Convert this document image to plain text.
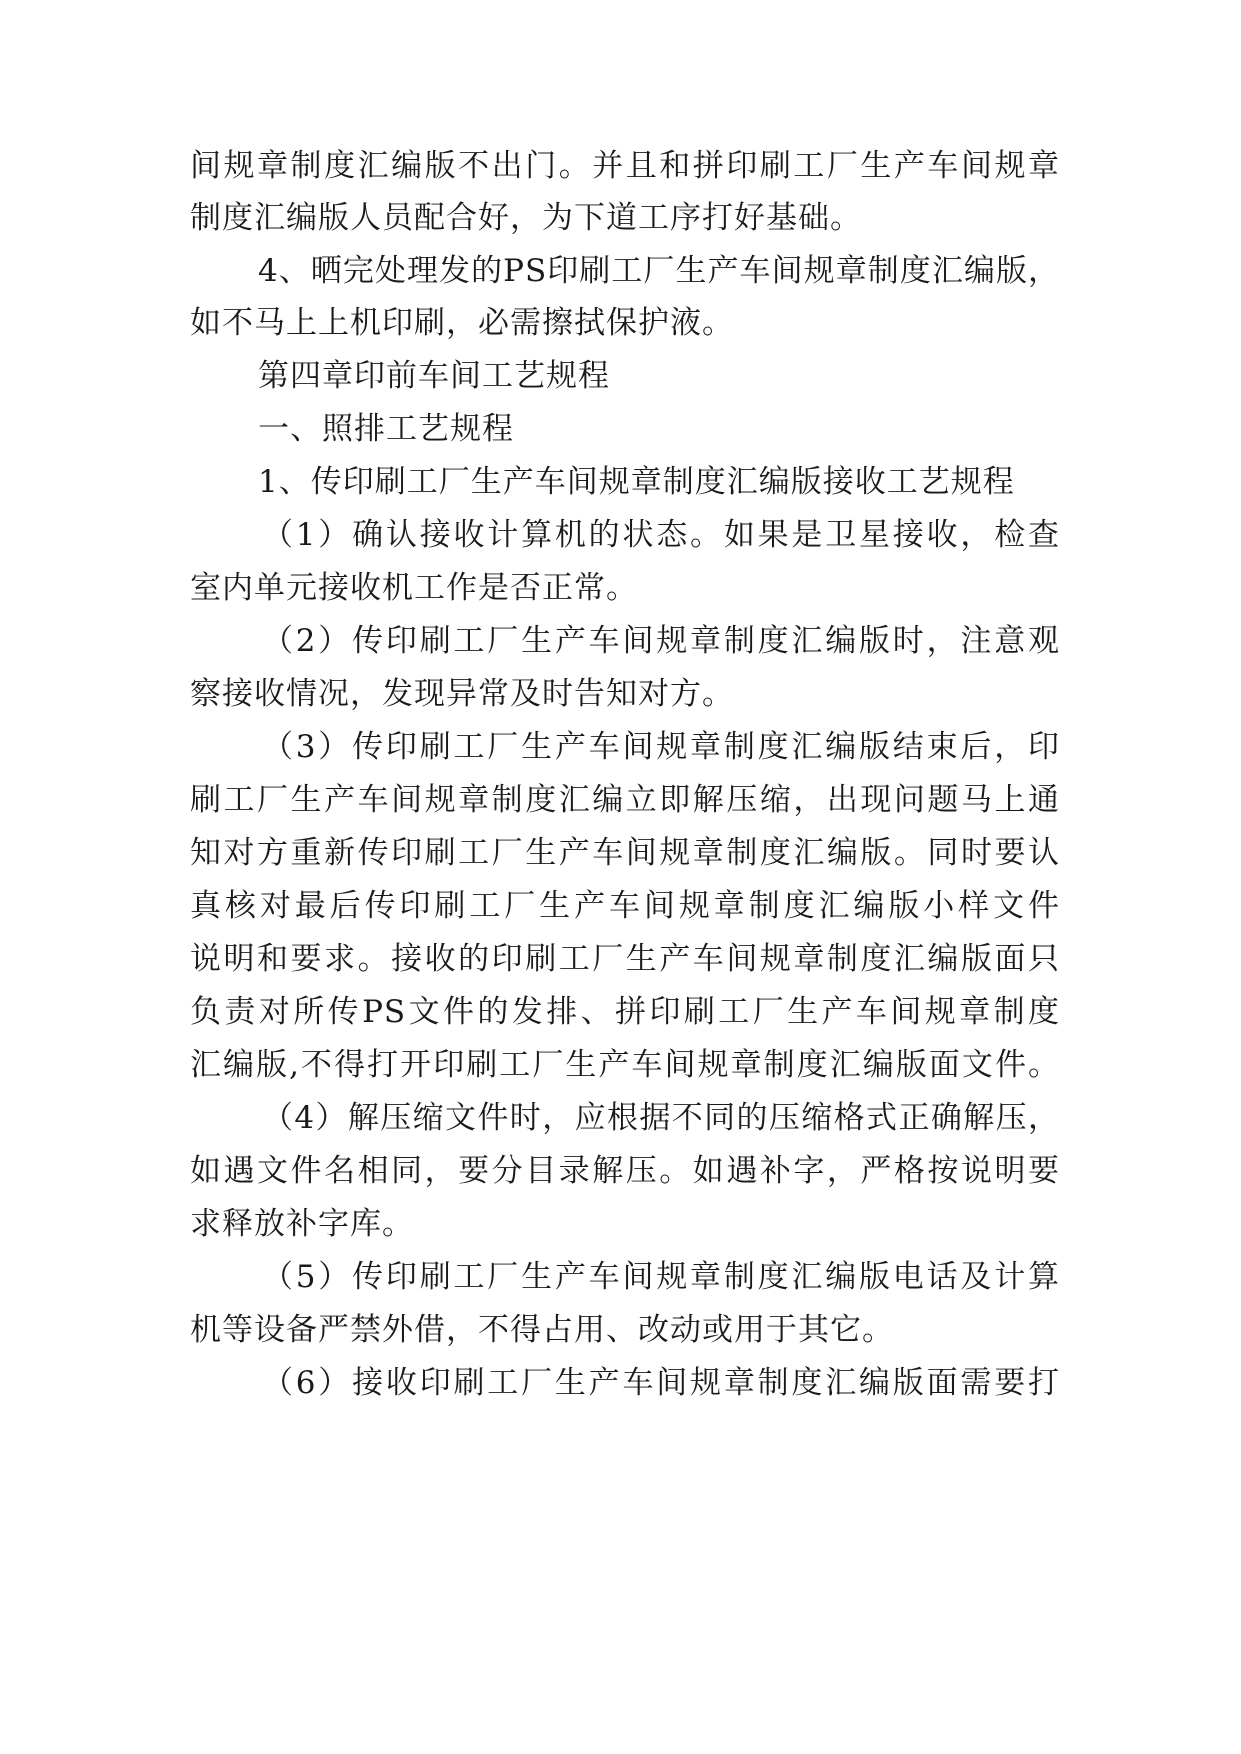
间规章制度汇编版不出门。并且和拼印刷工厂生产车间规章
制度汇编版人员配合好，为下道工序打好基础。
4、晒完处理发的PS印刷工厂生产车间规章制度汇编版，
如不马上上机印刷，必需擦拭保护液。
第四章印前车间工艺规程
一、照排工艺规程
1、传印刷工厂生产车间规章制度汇编版接收工艺规程
（1）确认接收计算机的状态。如果是卫星接收，检查
室内单元接收机工作是否正常。
（2）传印刷工厂生产车间规章制度汇编版时，注意观
察接收情况，发现异常及时告知对方。
（3）传印刷工厂生产车间规章制度汇编版结束后，印
刷工厂生产车间规章制度汇编立即解压缩，出现问题马上通
知对方重新传印刷工厂生产车间规章制度汇编版。同时要认
真核对最后传印刷工厂生产车间规章制度汇编版小样文件
说明和要求。接收的印刷工厂生产车间规章制度汇编版面只
负责对所传PS文件的发排、拼印刷工厂生产车间规章制度
汇编版,不得打开印刷工厂生产车间规章制度汇编版面文件。
（4）解压缩文件时，应根据不同的压缩格式正确解压，
如遇文件名相同，要分目录解压。如遇补字，严格按说明要
求释放补字库。
（5）传印刷工厂生产车间规章制度汇编版电话及计算
机等设备严禁外借，不得占用、改动或用于其它。
（6）接收印刷工厂生产车间规章制度汇编版面需要打
